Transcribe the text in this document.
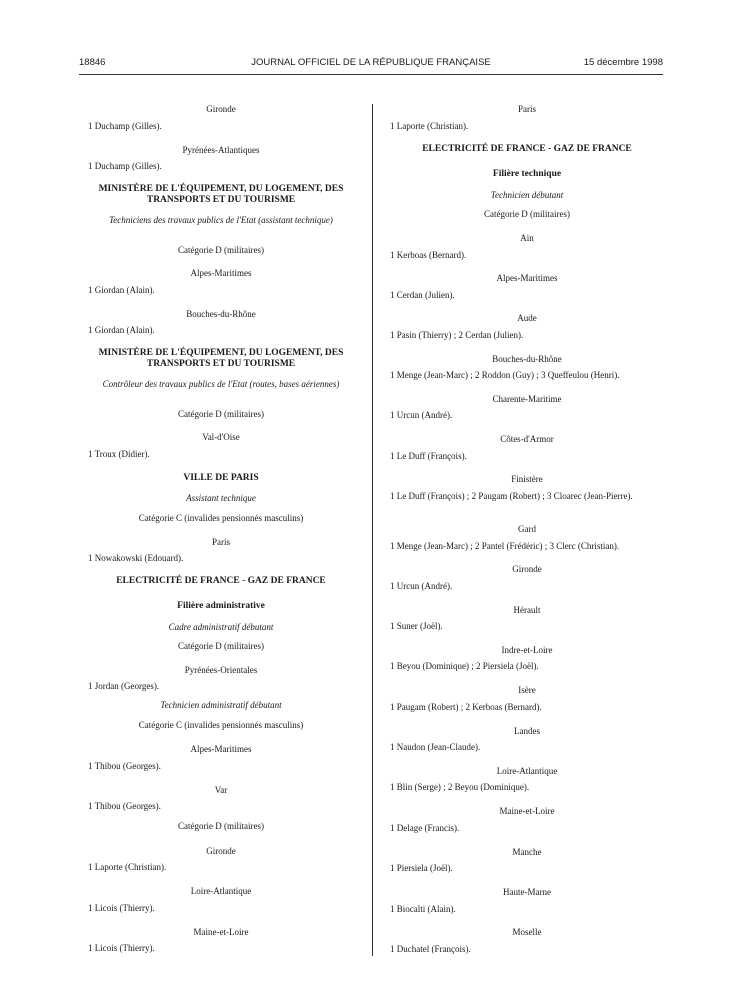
18846	JOURNAL OFFICIEL DE LA RÉPUBLIQUE FRANÇAISE	15 décembre 1998
Gironde
1 Duchamp (Gilles).
Pyrénées-Atlantiques
1 Duchamp (Gilles).
MINISTÈRE DE L'ÉQUIPEMENT, DU LOGEMENT, DES TRANSPORTS ET DU TOURISME
Techniciens des travaux publics de l'Etat (assistant technique)
Catégorie D (militaires)
Alpes-Maritimes
1 Giordan (Alain).
Bouches-du-Rhône
1 Giordan (Alain).
MINISTÈRE DE L'ÉQUIPEMENT, DU LOGEMENT, DES TRANSPORTS ET DU TOURISME
Contrôleur des travaux publics de l'Etat (routes, bases aériennes)
Catégorie D (militaires)
Val-d'Oise
1 Troux (Didier).
VILLE DE PARIS
Assistant technique
Catégorie C (invalides pensionnés masculins)
Paris
1 Nowakowski (Edouard).
ELECTRICITÉ DE FRANCE - GAZ DE FRANCE
Filière administrative
Cadre administratif débutant
Catégorie D (militaires)
Pyrénées-Orientales
1 Jordan (Georges).
Technicien administratif débutant
Catégorie C (invalides pensionnés masculins)
Alpes-Maritimes
1 Thibou (Georges).
Var
1 Thibou (Georges).
Catégorie D (militaires)
Gironde
1 Laporte (Christian).
Loire-Atlantique
1 Licois (Thierry).
Maine-et-Loire
1 Licois (Thierry).
Paris
1 Laporte (Christian).
ELECTRICITÉ DE FRANCE - GAZ DE FRANCE
Filière technique
Technicien débutant
Catégorie D (militaires)
Ain
1 Kerboas (Bernard).
Alpes-Maritimes
1 Cerdan (Julien).
Aude
1 Pasin (Thierry) ; 2 Cerdan (Julien).
Bouches-du-Rhône
1 Menge (Jean-Marc) ; 2 Roddon (Guy) ; 3 Queffeulou (Henri).
Charente-Maritime
1 Urcun (André).
Côtes-d'Armor
1 Le Duff (François).
Finistère
1 Le Duff (François) ; 2 Paugam (Robert) ; 3 Cloarec (Jean-Pierre).
Gard
1 Menge (Jean-Marc) ; 2 Pantel (Frédéric) ; 3 Clerc (Christian).
Gironde
1 Urcun (André).
Hérault
1 Suner (Joël).
Indre-et-Loire
1 Beyou (Dominique) ; 2 Piersiela (Joël).
Isère
1 Paugam (Robert) ; 2 Kerboas (Bernard).
Landes
1 Naudon (Jean-Claude).
Loire-Atlantique
1 Blin (Serge) ; 2 Beyou (Dominique).
Maine-et-Loire
1 Delage (Francis).
Manche
1 Piersiela (Joël).
Haute-Marne
1 Biocalti (Alain).
Moselle
1 Duchatel (François).
